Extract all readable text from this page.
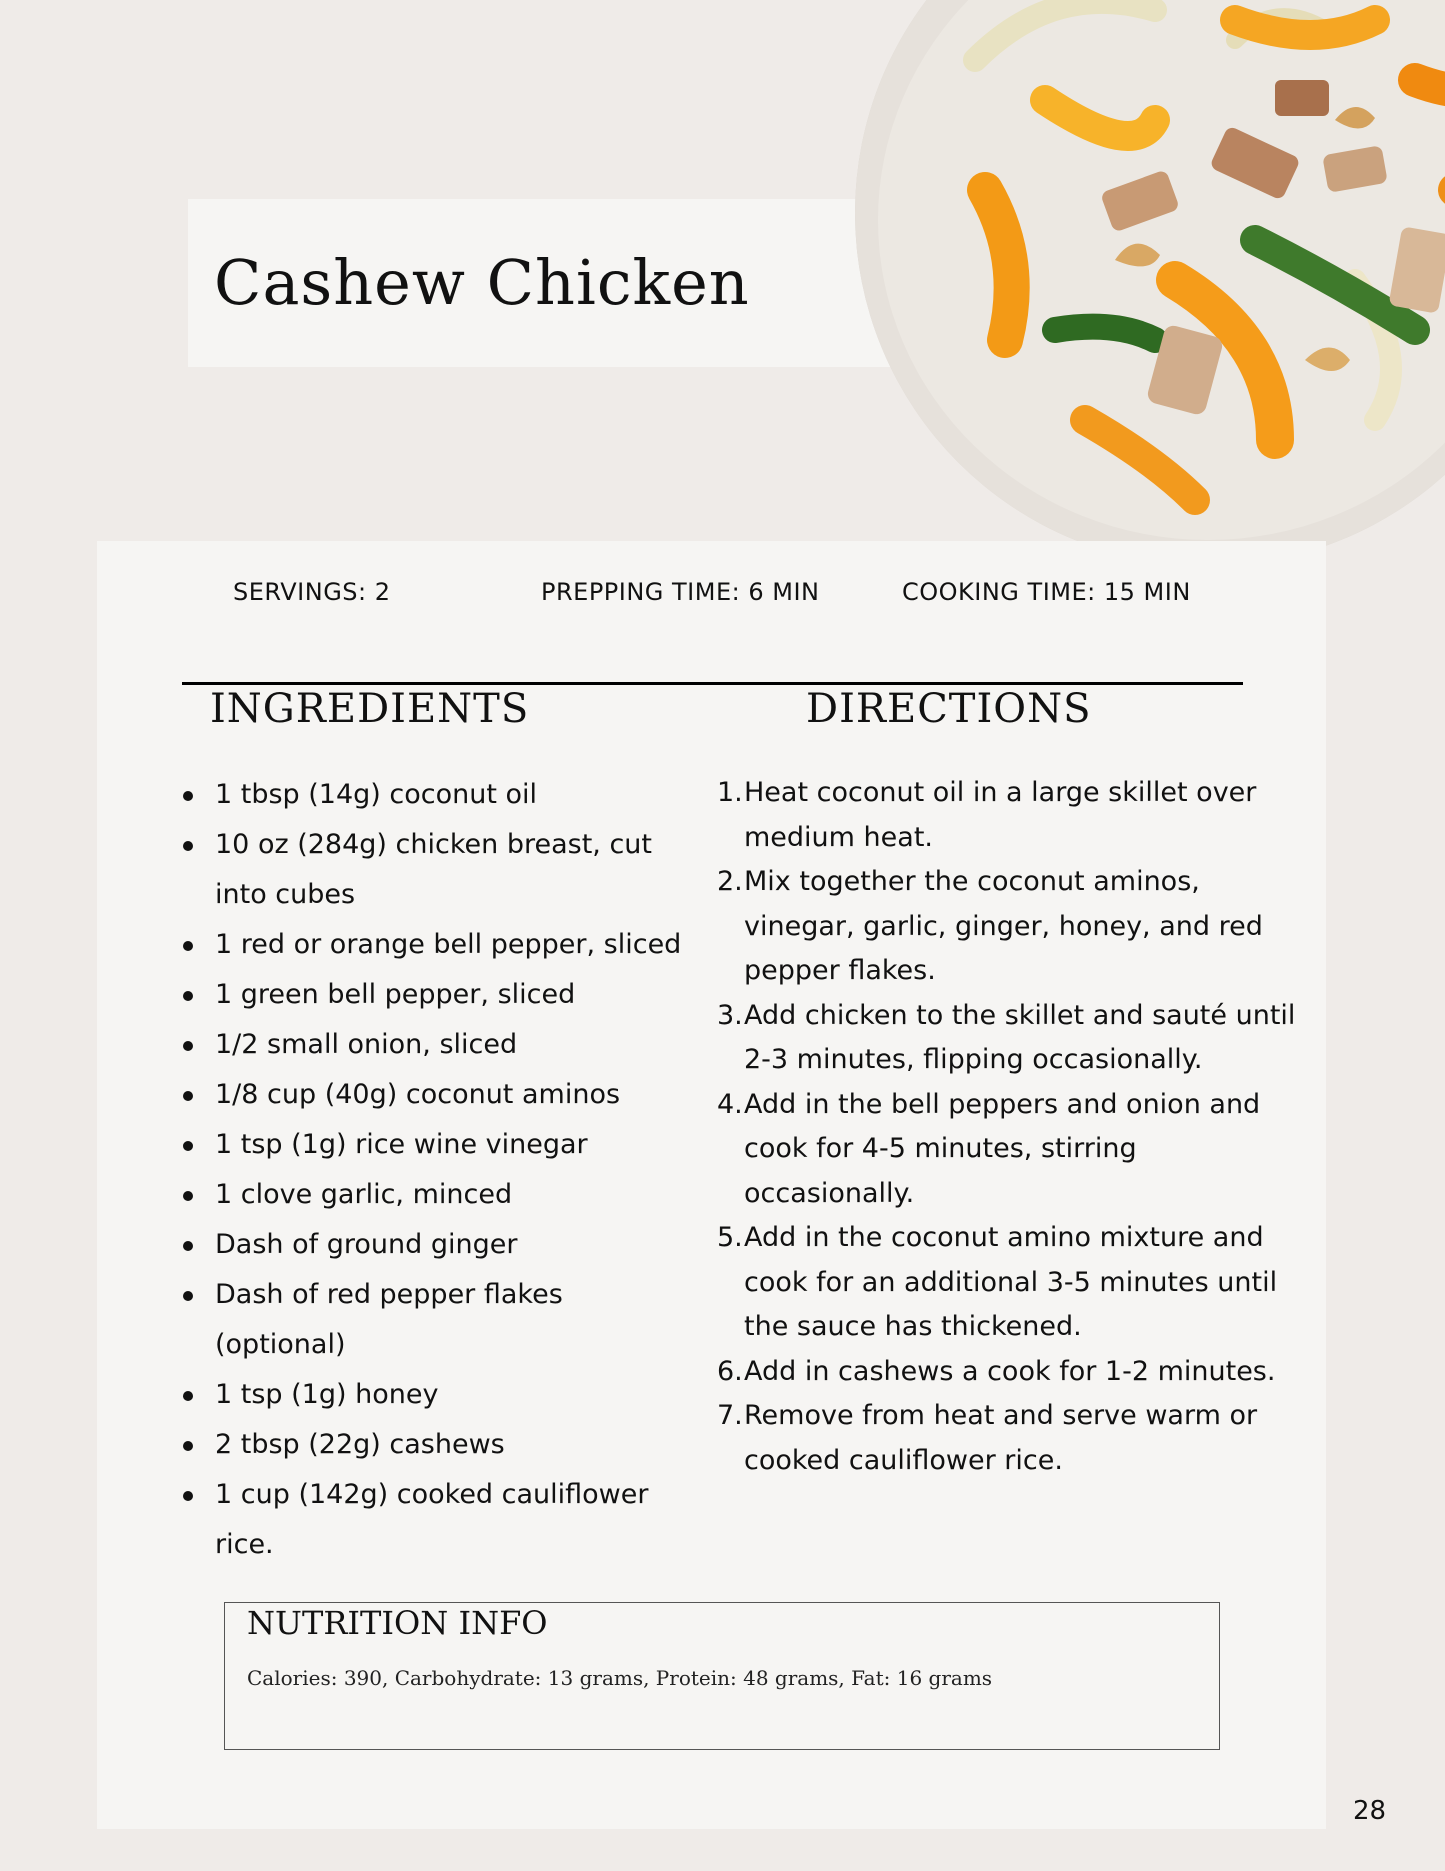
Cashew Chicken
SERVINGS: 2	PREPPING TIME: 6 MIN	COOKING TIME: 15 MIN
INGREDIENTS	DIRECTIONS
1 tbsp (14g) coconut oil
10 oz (284g) chicken breast, cut into cubes
1 red or orange bell pepper, sliced
1 green bell pepper, sliced
1/2 small onion, sliced
1/8 cup (40g) coconut aminos
1 tsp (1g) rice wine vinegar
1 clove garlic, minced
Dash of ground ginger
Dash of red pepper flakes (optional)
1 tsp (1g) honey
2 tbsp (22g) cashews
1 cup (142g) cooked cauliflower rice.
1. Heat coconut oil in a large skillet over medium heat.
2. Mix together the coconut aminos, vinegar, garlic, ginger, honey, and red pepper flakes.
3. Add chicken to the skillet and sauté until 2-3 minutes, flipping occasionally.
4. Add in the bell peppers and onion and cook for 4-5 minutes, stirring occasionally.
5. Add in the coconut amino mixture and cook for an additional 3-5 minutes until the sauce has thickened.
6. Add in cashews a cook for 1-2 minutes.
7. Remove from heat and serve warm or cooked cauliflower rice.
NUTRITION INFO
Calories: 390, Carbohydrate: 13 grams, Protein: 48 grams, Fat: 16 grams
28
